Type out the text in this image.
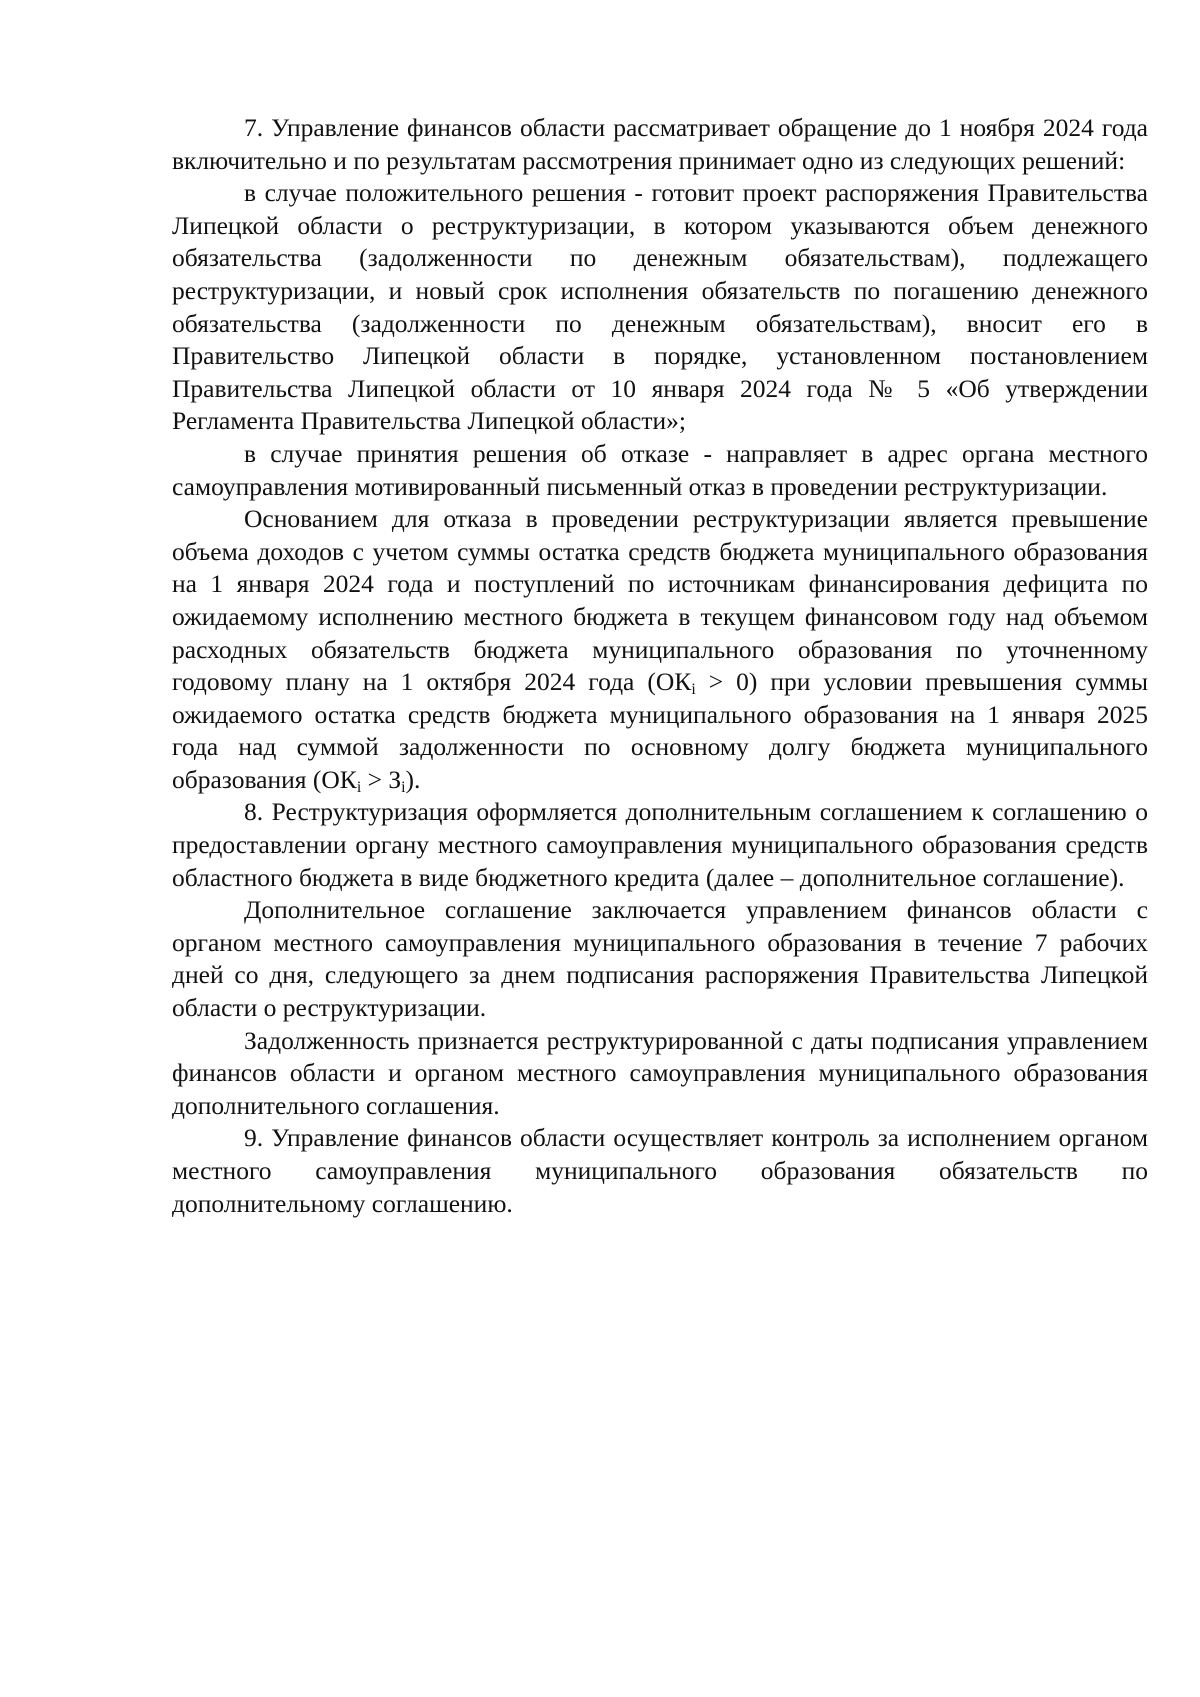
7. Управление финансов области рассматривает обращение до 1 ноября 2024 года включительно и по результатам рассмотрения принимает одно из следующих решений:

в случае положительного решения - готовит проект распоряжения Правительства Липецкой области о реструктуризации, в котором указываются объем денежного обязательства (задолженности по денежным обязательствам), подлежащего реструктуризации, и новый срок исполнения обязательств по погашению денежного обязательства (задолженности по денежным обязательствам), вносит его в Правительство Липецкой области в порядке, установленном постановлением Правительства Липецкой области от 10 января 2024 года № 5 «Об утверждении Регламента Правительства Липецкой области»;

в случае принятия решения об отказе - направляет в адрес органа местного самоуправления мотивированный письменный отказ в проведении реструктуризации.

Основанием для отказа в проведении реструктуризации является превышение объема доходов с учетом суммы остатка средств бюджета муниципального образования на 1 января 2024 года и поступлений по источникам финансирования дефицита по ожидаемому исполнению местного бюджета в текущем финансовом году над объемом расходных обязательств бюджета муниципального образования по уточненному годовому плану на 1 октября 2024 года $(ОК_i > 0)$ при условии превышения суммы ожидаемого остатка средств бюджета муниципального образования на 1 января 2025 года над суммой задолженности по основному долгу бюджета муниципального образования $(ОК_i > З_i)$.

8. Реструктуризация оформляется дополнительным соглашением к соглашению о предоставлении органу местного самоуправления муниципального образования средств областного бюджета в виде бюджетного кредита (далее – дополнительное соглашение).

Дополнительное соглашение заключается управлением финансов области с органом местного самоуправления муниципального образования в течение 7 рабочих дней со дня, следующего за днем подписания распоряжения Правительства Липецкой области о реструктуризации.

Задолженность признается реструктурированной с даты подписания управлением финансов области и органом местного самоуправления муниципального образования дополнительного соглашения.

9. Управление финансов области осуществляет контроль за исполнением органом местного самоуправления муниципального образования обязательств по дополнительному соглашению.
